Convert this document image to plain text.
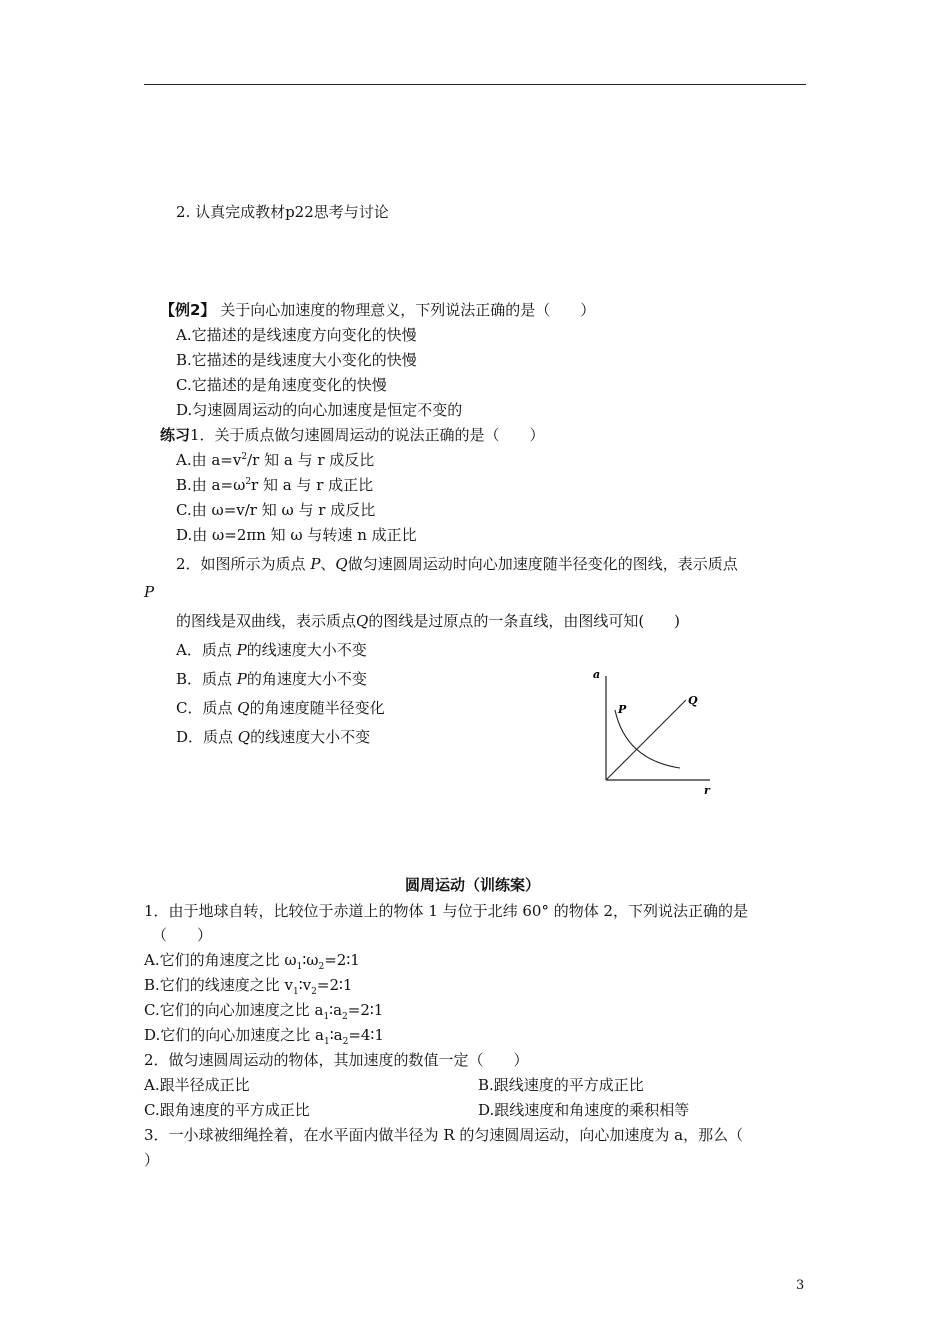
2. 认真完成教材p22思考与讨论
【例2】 关于向心加速度的物理意义，下列说法正确的是（　　）
A.它描述的是线速度方向变化的快慢
B.它描述的是线速度大小变化的快慢
C.它描述的是角速度变化的快慢
D.匀速圆周运动的向心加速度是恒定不变的
练习1．关于质点做匀速圆周运动的说法正确的是（　　）
A.由 $a=v^2/r$ 知 a 与 r 成反比
B.由 $a=\omega^2r$ 知 a 与 r 成正比
C.由 ω=v/r 知 ω 与 r 成反比
D.由 ω=2πn 知 ω 与转速 n 成正比
2．如图所示为质点 P、Q做匀速圆周运动时向心加速度随半径变化的图线，表示质点
P
的图线是双曲线，表示质点Q的图线是过原点的一条直线，由图线可知(　　)
A．质点 P的线速度大小不变
B．质点 P的角速度大小不变
C．质点 Q的角速度随半径变化
D．质点 Q的线速度大小不变
a
r
P
Q
圆周运动（训练案）
1．由于地球自转，比较位于赤道上的物体 1 与位于北纬 60° 的物体 2，下列说法正确的是
（　　）
A.它们的角速度之比 $\omega_1∶\omega_2=2∶1$
B.它们的线速度之比 $v_1∶v_2=2∶1$
C.它们的向心加速度之比 $a_1∶a_2=2∶1$
D.它们的向心加速度之比 $a_1∶a_2=4∶1$
2．做匀速圆周运动的物体，其加速度的数值一定（　　）
A.跟半径成正比	B.跟线速度的平方成正比
C.跟角速度的平方成正比	D.跟线速度和角速度的乘积相等
3．一小球被细绳拴着，在水平面内做半径为 R 的匀速圆周运动，向心加速度为 a，那么（
）
3
